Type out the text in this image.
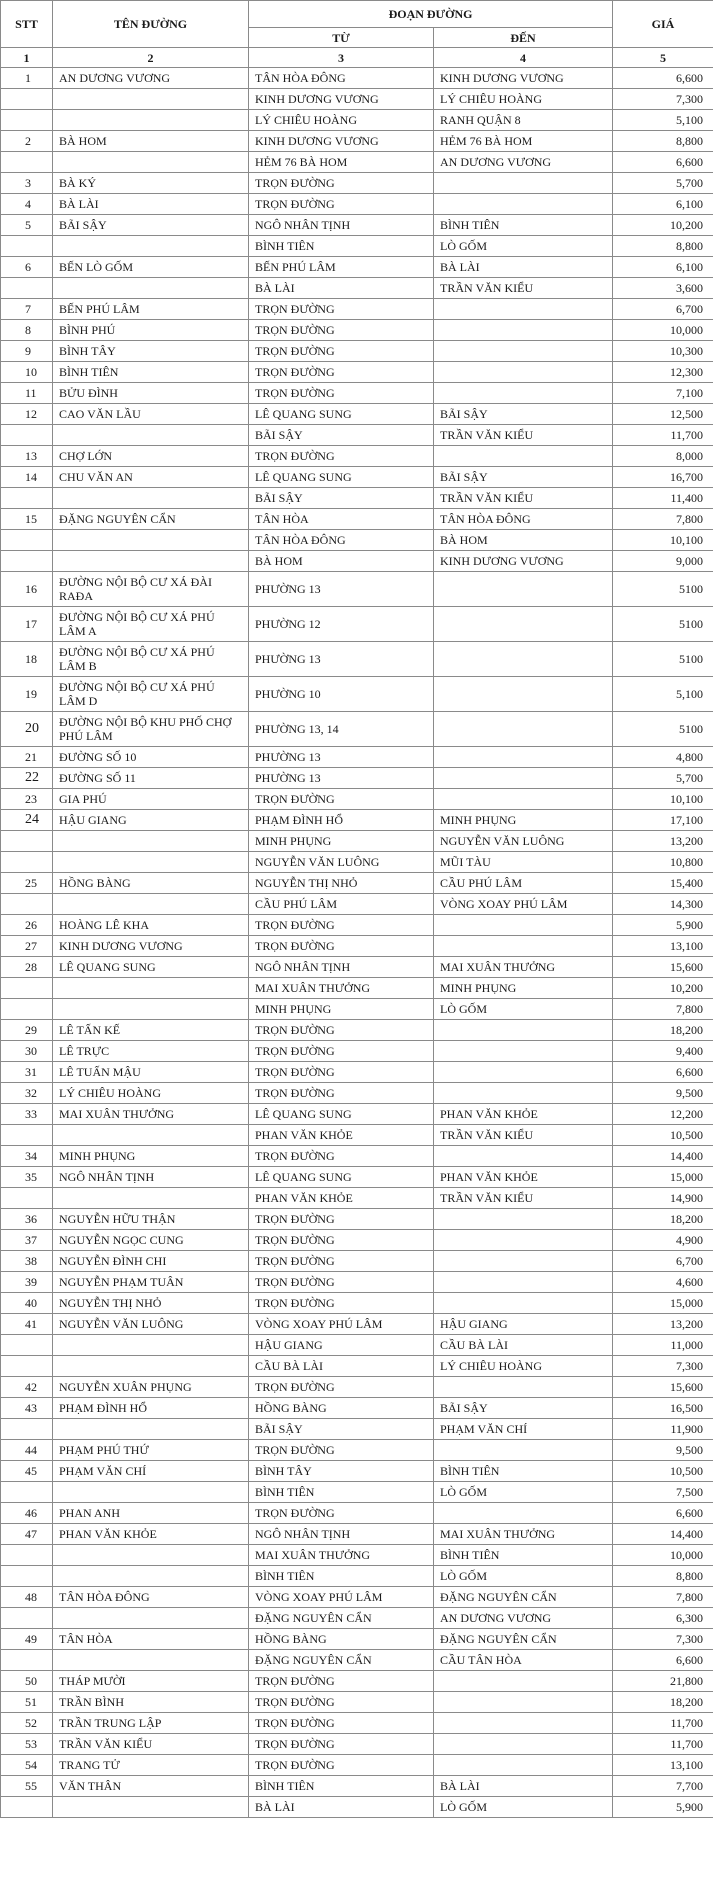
STT	TÊN ĐƯỜNG	ĐOẠN ĐƯỜNG		GIÁ
		TỪ	ĐẾN	
1	2	3	4	5
1	AN DƯƠNG VƯƠNG	TÂN HÒA ĐÔNG	KINH DƯƠNG VƯƠNG	6,600
		KINH DƯƠNG VƯƠNG	LÝ CHIÊU HOÀNG	7,300
		LÝ CHIÊU HOÀNG	RANH QUẬN 8	5,100
2	BÀ HOM	KINH DƯƠNG VƯƠNG	HẺM 76 BÀ HOM	8,800
		HẺM 76 BÀ HOM	AN DƯƠNG VƯƠNG	6,600
3	BÀ KÝ	TRỌN ĐƯỜNG		5,700
4	BÀ LÀI	TRỌN ĐƯỜNG		6,100
5	BÃI SẬY	NGÔ NHÂN TỊNH	BÌNH TIÊN	10,200
		BÌNH TIÊN	LÒ GỐM	8,800
6	BẾN LÒ GỐM	BẾN PHÚ LÂM	BÀ LÀI	6,100
		BÀ LÀI	TRẦN VĂN KIỂU	3,600
7	BẾN PHÚ LÂM	TRỌN ĐƯỜNG		6,700
8	BÌNH PHÚ	TRỌN ĐƯỜNG		10,000
9	BÌNH TÂY	TRỌN ĐƯỜNG		10,300
10	BÌNH TIÊN	TRỌN ĐƯỜNG		12,300
11	BỬU ĐÌNH	TRỌN ĐƯỜNG		7,100
12	CAO VĂN LẦU	LÊ QUANG SUNG	BÃI SẬY	12,500
		BÃI SẬY	TRẦN VĂN KIỂU	11,700
13	CHỢ LỚN	TRỌN ĐƯỜNG		8,000
14	CHU VĂN AN	LÊ QUANG SUNG	BÃI SẬY	16,700
		BÃI SẬY	TRẦN VĂN KIỂU	11,400
15	ĐẶNG NGUYÊN CẨN	TÂN HÒA	TÂN HÒA ĐÔNG	7,800
		TÂN HÒA ĐÔNG	BÀ HOM	10,100
		BÀ HOM	KINH DƯƠNG VƯƠNG	9,000
16	ĐƯỜNG NỘI BỘ CƯ XÁ ĐÀI RAĐA	PHƯỜNG 13		5100
17	ĐƯỜNG NỘI BỘ CƯ XÁ PHÚ LÂM A	PHƯỜNG 12		5100
18	ĐƯỜNG NỘI BỘ CƯ XÁ PHÚ LÂM B	PHƯỜNG 13		5100
19	ĐƯỜNG NỘI BỘ CƯ XÁ PHÚ LÂM D	PHƯỜNG 10		5,100
20	ĐƯỜNG NỘI BỘ KHU PHỐ CHỢ PHÚ LÂM	PHƯỜNG 13, 14		5100
21	ĐƯỜNG SỐ 10	PHƯỜNG 13		4,800
22	ĐƯỜNG SỐ 11	PHƯỜNG 13		5,700
23	GIA PHÚ	TRỌN ĐƯỜNG		10,100
24	HẬU GIANG	PHẠM ĐÌNH HỔ	MINH PHỤNG	17,100
		MINH PHỤNG	NGUYỄN VĂN LUÔNG	13,200
		NGUYỄN VĂN LUÔNG	MŨI TÀU	10,800
25	HỒNG BÀNG	NGUYỄN THỊ NHỎ	CẦU PHÚ LÂM	15,400
		CẦU PHÚ LÂM	VÒNG XOAY PHÚ LÂM	14,300
26	HOÀNG LÊ KHA	TRỌN ĐƯỜNG		5,900
27	KINH DƯƠNG VƯƠNG	TRỌN ĐƯỜNG		13,100
28	LÊ QUANG SUNG	NGÔ NHÂN TỊNH	MAI XUÂN THƯỞNG	15,600
		MAI XUÂN THƯỞNG	MINH PHỤNG	10,200
		MINH PHỤNG	LÒ GỐM	7,800
29	LÊ TẤN KẾ	TRỌN ĐƯỜNG		18,200
30	LÊ TRỰC	TRỌN ĐƯỜNG		9,400
31	LÊ TUẤN MẬU	TRỌN ĐƯỜNG		6,600
32	LÝ CHIÊU HOÀNG	TRỌN ĐƯỜNG		9,500
33	MAI XUÂN THƯỞNG	LÊ QUANG SUNG	PHAN VĂN KHỎE	12,200
		PHAN VĂN KHỎE	TRẦN VĂN KIỂU	10,500
34	MINH PHỤNG	TRỌN ĐƯỜNG		14,400
35	NGÔ NHÂN TỊNH	LÊ QUANG SUNG	PHAN VĂN KHỎE	15,000
		PHAN VĂN KHỎE	TRẦN VĂN KIỂU	14,900
36	NGUYỄN HỮU THẬN	TRỌN ĐƯỜNG		18,200
37	NGUYỄN NGỌC CUNG	TRỌN ĐƯỜNG		4,900
38	NGUYỄN ĐÌNH CHI	TRỌN ĐƯỜNG		6,700
39	NGUYỄN PHẠM TUÂN	TRỌN ĐƯỜNG		4,600
40	NGUYỄN THỊ NHỎ	TRỌN ĐƯỜNG		15,000
41	NGUYỄN VĂN LUÔNG	VÒNG XOAY PHÚ LÂM	HẬU GIANG	13,200
		HẬU GIANG	CẦU BÀ LÀI	11,000
		CẦU BÀ LÀI	LÝ CHIÊU HOÀNG	7,300
42	NGUYỄN XUÂN PHỤNG	TRỌN ĐƯỜNG		15,600
43	PHẠM ĐÌNH HỔ	HỒNG BÀNG	BÃI SẬY	16,500
		BÃI SẬY	PHẠM VĂN CHÍ	11,900
44	PHẠM PHÚ THỨ	TRỌN ĐƯỜNG		9,500
45	PHẠM VĂN CHÍ	BÌNH TÂY	BÌNH TIÊN	10,500
		BÌNH TIÊN	LÒ GỐM	7,500
46	PHAN ANH	TRỌN ĐƯỜNG		6,600
47	PHAN VĂN KHỎE	NGÔ NHÂN TỊNH	MAI XUÂN THƯỞNG	14,400
		MAI XUÂN THƯỞNG	BÌNH TIÊN	10,000
		BÌNH TIÊN	LÒ GỐM	8,800
48	TÂN HÒA ĐÔNG	VÒNG XOAY PHÚ LÂM	ĐẶNG NGUYÊN CẨN	7,800
		ĐẶNG NGUYÊN CẨN	AN DƯƠNG VƯƠNG	6,300
49	TÂN HÒA	HỒNG BÀNG	ĐẶNG NGUYÊN CẨN	7,300
		ĐẶNG NGUYÊN CẨN	CẦU TÂN HÒA	6,600
50	THÁP MƯỜI	TRỌN ĐƯỜNG		21,800
51	TRẦN BÌNH	TRỌN ĐƯỜNG		18,200
52	TRẦN TRUNG LẬP	TRỌN ĐƯỜNG		11,700
53	TRẦN VĂN KIỂU	TRỌN ĐƯỜNG		11,700
54	TRANG TỬ	TRỌN ĐƯỜNG		13,100
55	VĂN THÂN	BÌNH TIÊN	BÀ LÀI	7,700
		BÀ LÀI	LÒ GỐM	5,900
